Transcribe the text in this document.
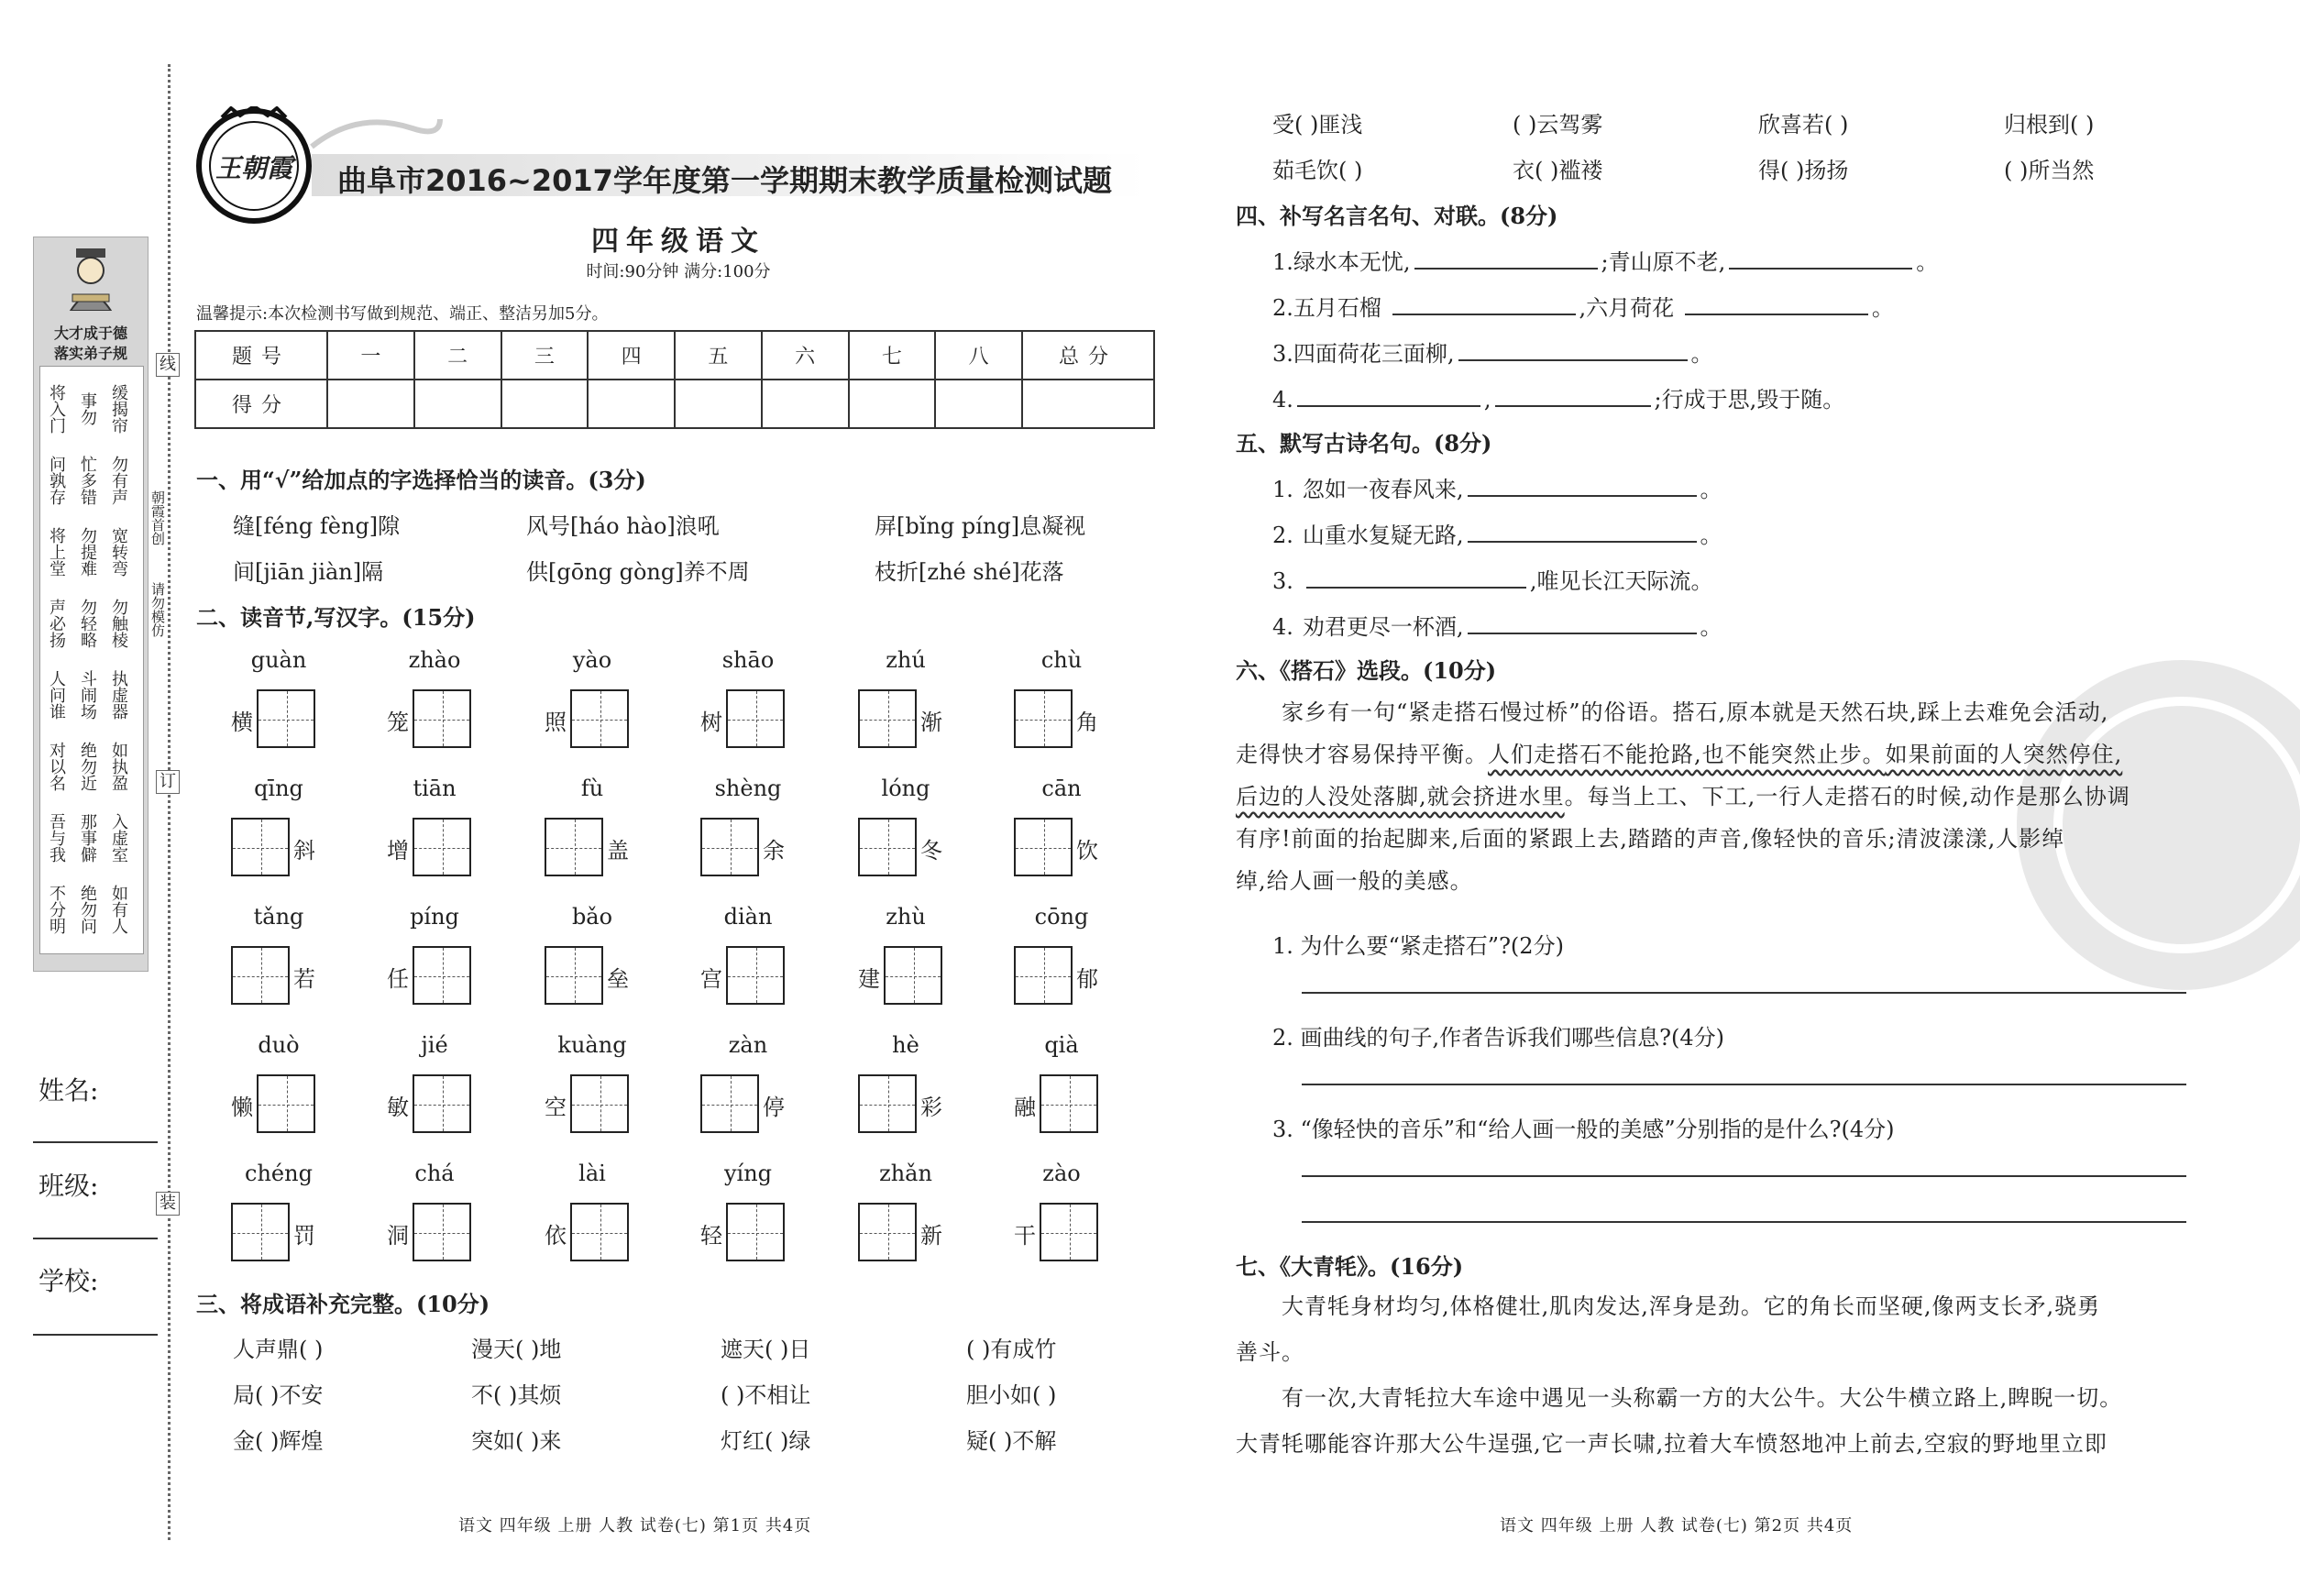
大才成于德
落实弟子规
将入门 事勿 缓揭帘
问孰存 忙多错 勿有声
将上堂 勿提难 宽转弯
声必扬 勿轻略 勿触棱
人问谁 斗闹场 执虚器
对以名 绝勿近 如执盈
吾与我 那事僻 入虚室
不分明 绝勿问 如有人
线
朝霞首创
请勿模仿
订
装
姓名:
班级:
学校:
王朝霞	曲阜市2016~2017学年度第一学期期末教学质量检测试题
四年级语文
时间:90分钟 满分:100分
温馨提示:本次检测书写做到规范、端正、整洁另加5分。
题号	一	二	三	四	五	六	七	八	总分
得分									
一、用“√”给加点的字选择恰当的读音。(3分)
缝[féng fèng]隙	风号[háo hào]浪吼	屏[bǐng píng]息凝视
间[jiān jiàn]隔	供[gōng gòng]养不周	枝折[zhé shé]花落
二、读音节,写汉字。(15分)
guàn
横
zhào
笼
yào
照
shāo
树
zhú
渐
chù
角
qīng
斜
tiān
增
fù
盖
shèng
余
lóng
冬
cān
饮
tǎng
若
píng
任
bǎo
垒
diàn
宫
zhù
建
cōng
郁
duò
懒
jié
敏
kuàng
空
zàn
停
hè
彩
qià
融
chéng
罚
chá
洞
lài
依
yíng
轻
zhǎn
新
zào
干
三、将成语补充完整。(10分)
人声鼎( )	漫天( )地	遮天( )日	( )有成竹
局( )不安	不( )其烦	( )不相让	胆小如( )
金( )辉煌	突如( )来	灯红( )绿	疑( )不解
语文 四年级 上册 人教 试卷(七) 第1页 共4页
受( )匪浅	( )云驾雾	欣喜若( )	归根到( )
茹毛饮( )	衣( )褴褛	得( )扬扬	( )所当然
四、补写名言名句、对联。(8分)
1.绿水本无忧,	;青山原不老,	。
2.五月石榴	,六月荷花	。
3.四面荷花三面柳,	。
4.	,	;行成于思,毁于随。
五、默写古诗名句。(8分)
1. 忽如一夜春风来,	。
2. 山重水复疑无路,	。
3.	,唯见长江天际流。
4. 劝君更尽一杯酒,	。
六、《搭石》选段。(10分)
家乡有一句“紧走搭石慢过桥”的俗语。搭石,原本就是天然石块,踩上去难免会活动,
走得快才容易保持平衡。人们走搭石不能抢路,也不能突然止步。如果前面的人突然停住,
后边的人没处落脚,就会挤进水里。每当上工、下工,一行人走搭石的时候,动作是那么协调
有序!前面的抬起脚来,后面的紧跟上去,踏踏的声音,像轻快的音乐;清波漾漾,人影绰
绰,给人画一般的美感。
1. 为什么要“紧走搭石”?(2分)
2. 画曲线的句子,作者告诉我们哪些信息?(4分)
3. “像轻快的音乐”和“给人画一般的美感”分别指的是什么?(4分)
七、《大青牦》。(16分)
大青牦身材均匀,体格健壮,肌肉发达,浑身是劲。它的角长而坚硬,像两支长矛,骁勇
善斗。
有一次,大青牦拉大车途中遇见一头称霸一方的大公牛。大公牛横立路上,睥睨一切。
大青牦哪能容许那大公牛逞强,它一声长啸,拉着大车愤怒地冲上前去,空寂的野地里立即
语文 四年级 上册 人教 试卷(七) 第2页 共4页
